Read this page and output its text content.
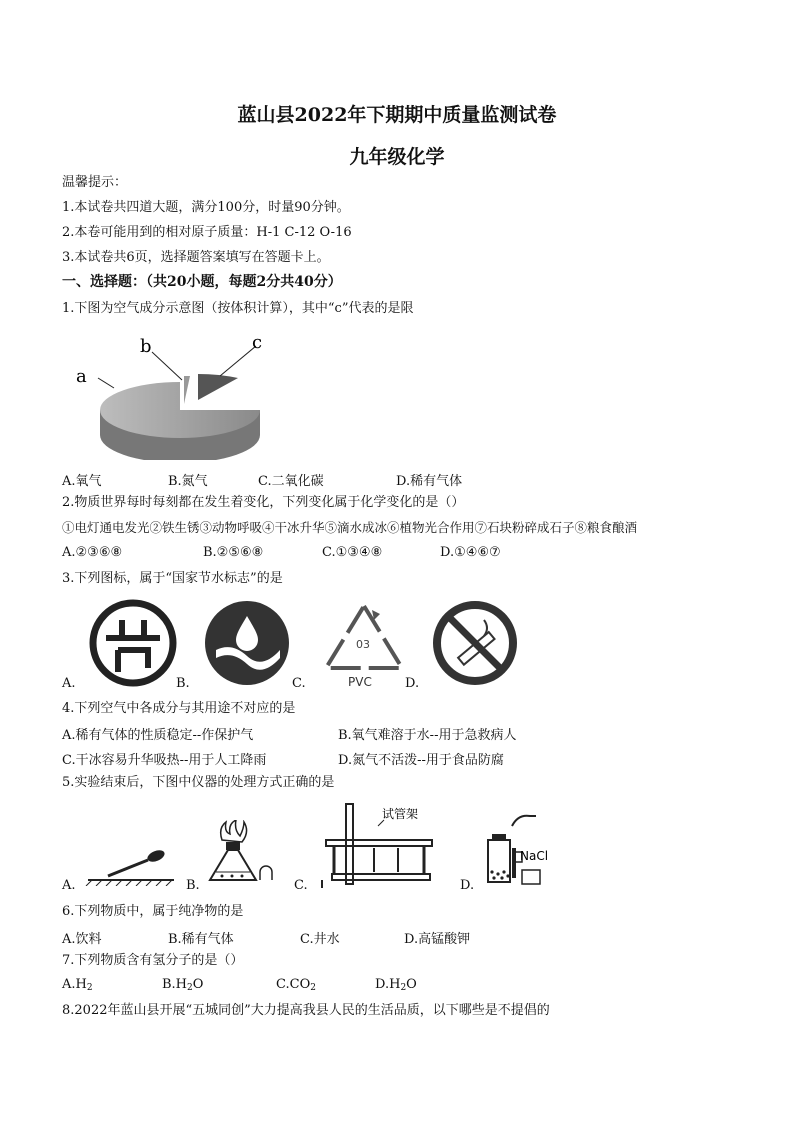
蓝山县2022年下期期中质量监测试卷
九年级化学
温馨提示：
1.本试卷共四道大题，满分100分，时量90分钟。
2.本卷可能用到的相对原子质量：H-1 C-12 O-16
3.本试卷共6页，选择题答案填写在答题卡上。
一、选择题：（共20小题，每题2分共40分）
1.下图为空气成分示意图（按体积计算），其中“c”代表的是限
a
b	c
A.氧气	B.氮气	C.二氧化碳	D.稀有气体
2.物质世界每时每刻都在发生着变化，下列变化属于化学变化的是（）
①电灯通电发光②铁生锈③动物呼吸④干冰升华⑤滴水成冰⑥植物光合作用⑦石块粉碎成石子⑧粮食酿酒
A.②③⑥⑧	B.②⑤⑥⑧	C.①③④⑧	D.①④⑥⑦
3.下列图标，属于“国家节水标志”的是
03
PVC
A.	B.	C.	D.
4.下列空气中各成分与其用途不对应的是
A.稀有气体的性质稳定--作保护气	B.氧气难溶于水--用于急救病人
C.干冰容易升华吸热--用于人工降雨	D.氮气不活泼--用于食品防腐
5.实验结束后，下图中仪器的处理方式正确的是
试管架
NaCl
A.	B.	C.	D.
6.下列物质中，属于纯净物的是
A.饮料	B.稀有气体	C.井水	D.高锰酸钾
7.下列物质含有氢分子的是（）
$A.H_2$	$B.H_2O$	$C.CO_2$	$D.H_2O$
8.2022年蓝山县开展“五城同创”大力提高我县人民的生活品质，以下哪些是不提倡的
